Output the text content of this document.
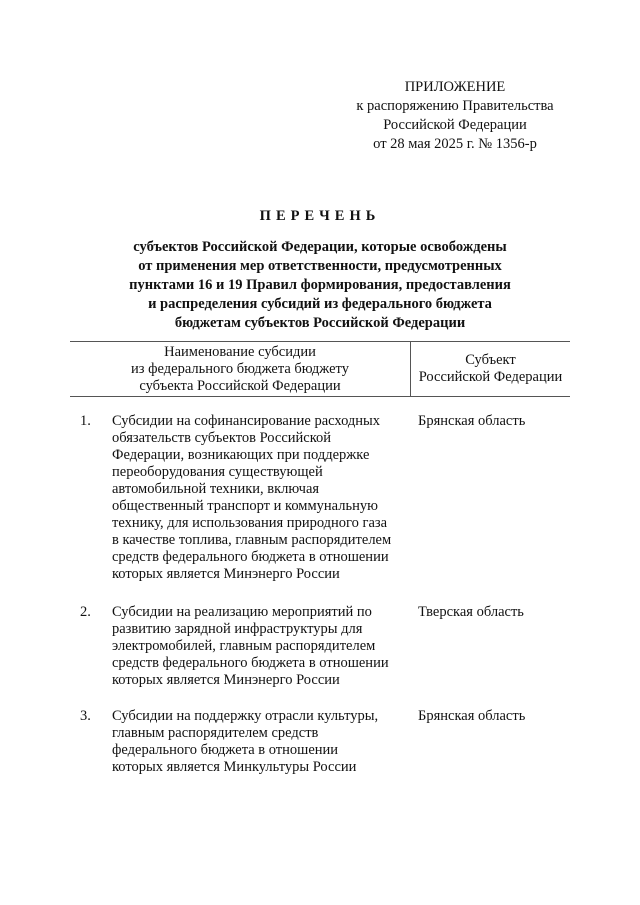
ПРИЛОЖЕНИЕ
к распоряжению Правительства
Российской Федерации
от 28 мая 2025 г. № 1356-р
ПЕРЕЧЕНЬ
субъектов Российской Федерации, которые освобождены
от применения мер ответственности, предусмотренных
пунктами 16 и 19 Правил формирования, предоставления
и распределения субсидий из федерального бюджета
бюджетам субъектов Российской Федерации
Наименование субсидии
из федерального бюджета бюджету
субъекта Российской Федерации
Субъект
Российской Федерации
1. Субсидии на софинансирование расходных
обязательств субъектов Российской
Федерации, возникающих при поддержке
переоборудования существующей
автомобильной техники, включая
общественный транспорт и коммунальную
технику, для использования природного газа
в качестве топлива, главным распорядителем
средств федерального бюджета в отношении
которых является Минэнерго России
Брянская область
2. Субсидии на реализацию мероприятий по
развитию зарядной инфраструктуры для
электромобилей, главным распорядителем
средств федерального бюджета в отношении
которых является Минэнерго России
Тверская область
3. Субсидии на поддержку отрасли культуры,
главным распорядителем средств
федерального бюджета в отношении
которых является Минкультуры России
Брянская область
